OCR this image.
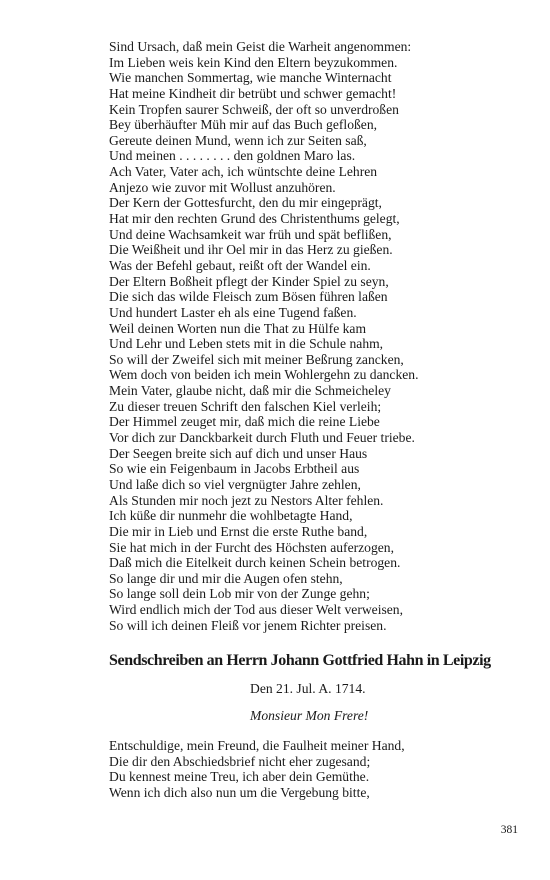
Sind Ursach, daß mein Geist die Warheit angenommen:
Im Lieben weis kein Kind den Eltern beyzukommen.
Wie manchen Sommertag, wie manche Winternacht
Hat meine Kindheit dir betrübt und schwer gemacht!
Kein Tropfen saurer Schweiß, der oft so unverdroßen
Bey überhäufter Müh mir auf das Buch gefloßen,
Gereute deinen Mund, wenn ich zur Seiten saß,
Und meinen . . . . . . . . den goldnen Maro las.
Ach Vater, Vater ach, ich wüntschte deine Lehren
Anjezo wie zuvor mit Wollust anzuhören.
Der Kern der Gottesfurcht, den du mir eingeprägt,
Hat mir den rechten Grund des Christenthums gelegt,
Und deine Wachsamkeit war früh und spät beflißen,
Die Weißheit und ihr Oel mir in das Herz zu gießen.
Was der Befehl gebaut, reißt oft der Wandel ein.
Der Eltern Boßheit pflegt der Kinder Spiel zu seyn,
Die sich das wilde Fleisch zum Bösen führen laßen
Und hundert Laster eh als eine Tugend faßen.
Weil deinen Worten nun die That zu Hülfe kam
Und Lehr und Leben stets mit in die Schule nahm,
So will der Zweifel sich mit meiner Beßrung zancken,
Wem doch von beiden ich mein Wohlergehn zu dancken.
Mein Vater, glaube nicht, daß mir die Schmeicheley
Zu dieser treuen Schrift den falschen Kiel verleih;
Der Himmel zeuget mir, daß mich die reine Liebe
Vor dich zur Danckbarkeit durch Fluth und Feuer triebe.
Der Seegen breite sich auf dich und unser Haus
So wie ein Feigenbaum in Jacobs Erbtheil aus
Und laße dich so viel vergnügter Jahre zehlen,
Als Stunden mir noch jezt zu Nestors Alter fehlen.
Ich küße dir nunmehr die wohlbetagte Hand,
Die mir in Lieb und Ernst die erste Ruthe band,
Sie hat mich in der Furcht des Höchsten auferzogen,
Daß mich die Eitelkeit durch keinen Schein betrogen.
So lange dir und mir die Augen ofen stehn,
So lange soll dein Lob mir von der Zunge gehn;
Wird endlich mich der Tod aus dieser Welt verweisen,
So will ich deinen Fleiß vor jenem Richter preisen.
Sendschreiben an Herrn Johann Gottfried Hahn in Leipzig
Den 21. Jul. A. 1714.
Monsieur Mon Frere!
Entschuldige, mein Freund, die Faulheit meiner Hand,
Die dir den Abschiedsbrief nicht eher zugesand;
Du kennest meine Treu, ich aber dein Gemüthe.
Wenn ich dich also nun um die Vergebung bitte,
381
